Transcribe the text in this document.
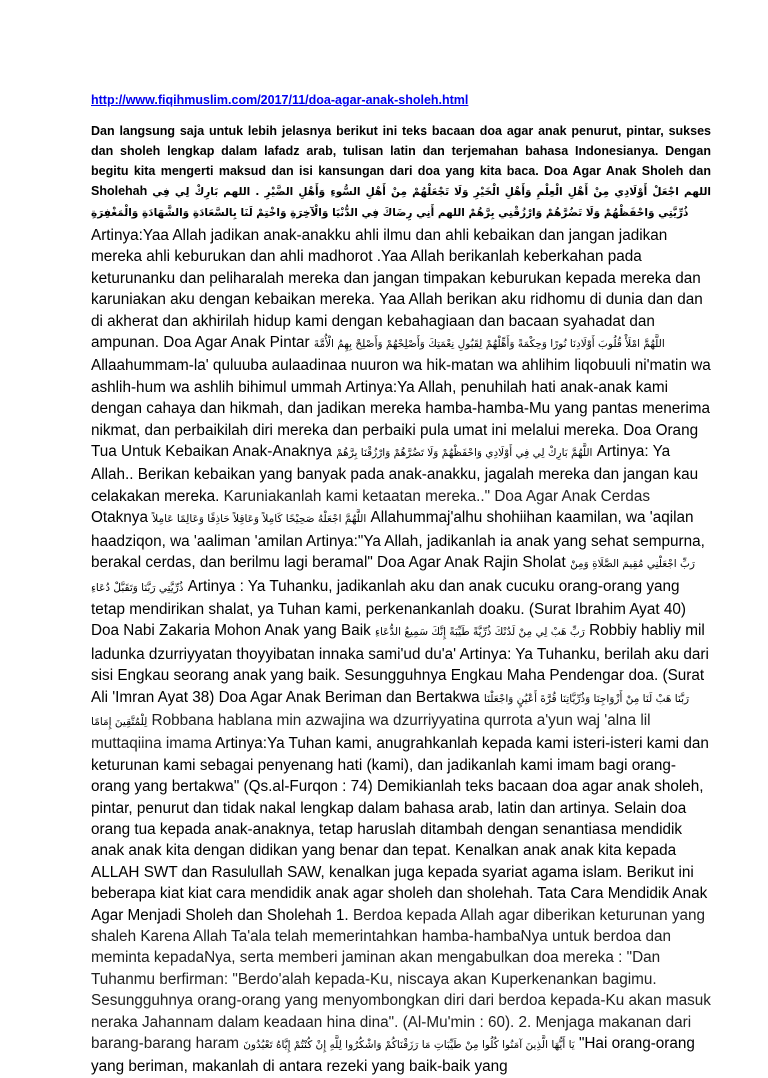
http://www.fiqihmuslim.com/2017/11/doa-agar-anak-sholeh.html

Dan langsung saja untuk lebih jelasnya berikut ini teks bacaan doa agar anak penurut, pintar, sukses dan sholeh lengkap dalam lafadz arab, tulisan latin dan terjemahan bahasa Indonesianya. Dengan begitu kita mengerti maksud dan isi kansungan dari doa yang kita baca. Doa Agar Anak Sholeh dan Sholehah اللهم اجْعَلْ أَوْلَادِي مِنْ أَهْلِ الْعِلْمِ وَأَهْلِ الْخَيْرِ وَلَا تَجْعَلْهُمْ مِنْ أَهْلِ السُّوءِ وَأَهْلِ الضَّيْرِ . اللهم بَارِكْ لِي فِي ذُرِّيَّتِي وَاحْفَظْهُمْ وَلَا تَضُرَّهُمْ وَارْزُقْنِي بِرَّهُمْ اللهم أَنِي رِضَاكَ فِي الدُّنْيَا وَالْآخِرَةِ وَاخْتِمْ لَنَا بِالسَّعَادَةِ وَالشَّهَادَةِ وَالْمَغْفِرَةِ

Artinya:Yaa Allah jadikan anak-anakku ahli ilmu dan ahli kebaikan dan jangan jadikan mereka ahli keburukan dan ahli madhorot .Yaa Allah berikanlah keberkahan pada keturunanku dan peliharalah mereka dan jangan timpakan keburukan kepada mereka dan karuniakan aku dengan kebaikan mereka. Yaa Allah berikan aku ridhomu di dunia dan dan di akherat dan akhirilah hidup kami dengan kebahagiaan dan bacaan syahadat dan ampunan. Doa Agar Anak Pintar اللَّهُمَّ امْلَأْ قُلُوبَ أَوْلَادِنَا نُورًا وَحِكْمَةً وَأَهِّلْهُمْ لِقَبُولِ نِعْمَتِكَ وَأَصْلِحْهُمْ وَأَصْلِحْ بِهِمُ الْأُمَّةَ Allaahummam-la' quluuba aulaadinaa nuuron wa hik-matan wa ahlihim liqobuuli ni'matin wa ashlih-hum wa ashlih bihimul ummah Artinya:Ya Allah, penuhilah hati anak-anak kami dengan cahaya dan hikmah, dan jadikan mereka hamba-hamba-Mu yang pantas menerima nikmat, dan perbaikilah diri mereka dan perbaiki pula umat ini melalui mereka. Doa Orang Tua Untuk Kebaikan Anak-Anaknya اللَّهُمَّ بَارِكْ لِي فِي أَوْلَادِي وَاحْفَظْهُمْ وَلَا تَضُرَّهُمْ وَارْزُقْنَا بِرَّهُمْ Artinya: Ya Allah.. Berikan kebaikan yang banyak pada anak-anakku, jagalah mereka dan jangan kau celakakan mereka. Karuniakanlah kami ketaatan mereka.." Doa Agar Anak Cerdas Otaknya اللَّهُمَّ اجْعَلْهُ صَحِيْحًا كَامِلاً وَعَاقِلاً حَاذِقًا وَعَالِمًا عَامِلاً Allahummaj'alhu shohiihan kaamilan, wa 'aqilan haadziqon, wa 'aaliman 'amilan Artinya:"Ya Allah, jadikanlah ia anak yang sehat sempurna, berakal cerdas, dan berilmu lagi beramal" Doa Agar Anak Rajin Sholat رَبِّ اجْعَلْنِي مُقِيمَ الصَّلَاةِ وَمِنْ ذُرِّيَّتِي رَبَّنَا وَتَقَبَّلْ دُعَاءِ Artinya : Ya Tuhanku, jadikanlah aku dan anak cucuku orang-orang yang tetap mendirikan shalat, ya Tuhan kami, perkenankanlah doaku. (Surat Ibrahim Ayat 40) Doa Nabi Zakaria Mohon Anak yang Baik رَبِّ هَبْ لِي مِنْ لَدُنْكَ ذُرِّيَّةً طَيِّبَةً إِنَّكَ سَمِيعُ الدُّعَاءِ Robbiy habliy mil ladunka dzurriyyatan thoyyibatan innaka sami'ud du'a' Artinya: Ya Tuhanku, berilah aku dari sisi Engkau seorang anak yang baik. Sesungguhnya Engkau Maha Pendengar doa. (Surat Ali 'Imran Ayat 38) Doa Agar Anak Beriman dan Bertakwa رَبَّنَا هَبْ لَنَا مِنْ أَزْوَاجِنَا وَذُرِّيَّاتِنَا قُرَّةَ أَعْيُنٍ وَاجْعَلْنَا لِلْمُتَّقِينَ إِمَامًا Robbana hablana min azwajina wa dzurriyyatina qurrota a'yun waj 'alna lil muttaqiina imama Artinya:Ya Tuhan kami, anugrahkanlah kepada kami isteri-isteri kami dan keturunan kami sebagai penyenang hati (kami), dan jadikanlah kami imam bagi orang-orang yang bertakwa" (Qs.al-Furqon : 74) Demikianlah teks bacaan doa agar anak sholeh, pintar, penurut dan tidak nakal lengkap dalam bahasa arab, latin dan artinya. Selain doa orang tua kepada anak-anaknya, tetap haruslah ditambah dengan senantiasa mendidik anak anak kita dengan didikan yang benar dan tepat. Kenalkan anak anak kita kepada ALLAH SWT dan Rasulullah SAW, kenalkan juga kepada syariat agama islam. Berikut ini beberapa kiat kiat cara mendidik anak agar sholeh dan sholehah. Tata Cara Mendidik Anak Agar Menjadi Sholeh dan Sholehah 1. Berdoa kepada Allah agar diberikan keturunan yang shaleh Karena Allah Ta'ala telah memerintahkan hamba-hambaNya untuk berdoa dan meminta kepadaNya, serta memberi jaminan akan mengabulkan doa mereka : "Dan Tuhanmu berfirman: "Berdo'alah kepada-Ku, niscaya akan Kuperkenankan bagimu. Sesungguhnya orang-orang yang menyombongkan diri dari berdoa kepada-Ku akan masuk neraka Jahannam dalam keadaan hina dina". (Al-Mu'min : 60). 2. Menjaga makanan dari barang-barang haram يَا أَيُّهَا الَّذِينَ آمَنُوا كُلُوا مِنْ طَيِّبَاتِ مَا رَزَقْنَاكُمْ وَاشْكُرُوا لِلَّهِ إِنْ كُنْتُمْ إِيَّاهُ تَعْبُدُونَ "Hai orang-orang yang beriman, makanlah di antara rezeki yang baik-baik yang
